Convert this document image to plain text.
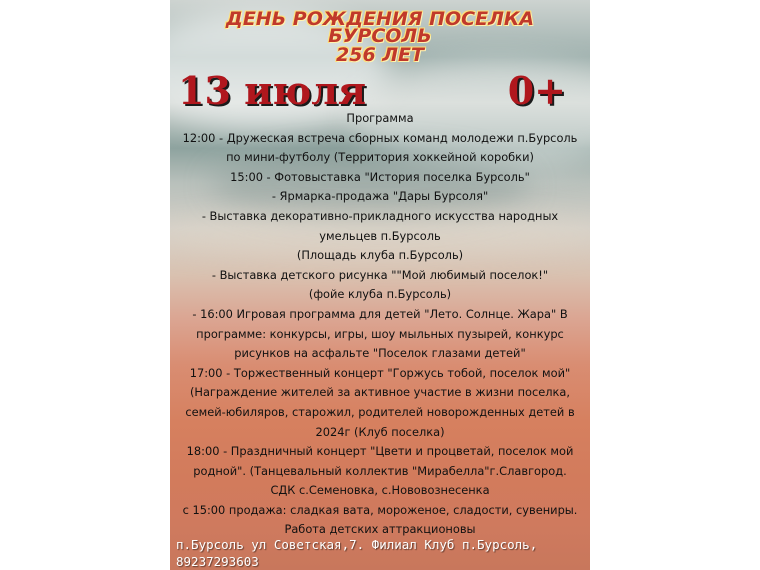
ДЕНЬ РОЖДЕНИЯ ПОСЕЛКА
БУРСОЛЬ
256 ЛЕТ
13 июля	0+
Программа
12:00 - Дружеская встреча сборных команд молодежи п.Бурсоль
по мини-футболу (Территория хоккейной коробки)
15:00 - Фотовыставка "История поселка Бурсоль"
- Ярмарка-продажа "Дары Бурсоля"
- Выставка декоративно-прикладного искусства народных
умельцев п.Бурсоль
(Площадь клуба п.Бурсоль)
- Выставка детского рисунка ""Мой любимый поселок!"
(фойе клуба п.Бурсоль)
- 16:00 Игровая программа для детей "Лето. Солнце. Жара" В
программе: конкурсы, игры, шоу мыльных пузырей, конкурс
рисунков на асфальте "Поселок глазами детей"
17:00 - Торжественный концерт "Горжусь тобой, поселок мой"
(Награждение жителей за активное участие в жизни поселка,
семей-юбиляров, старожил, родителей новорожденных детей в
2024г (Клуб поселка)
18:00 - Праздничный концерт "Цвети и процветай, поселок мой
родной". (Танцевальный коллектив "Мирабелла"г.Славгород.
СДК с.Семеновка, с.Нововознесенка
с 15:00 продажа: сладкая вата, мороженое, сладости, сувениры.
Работа детских аттракционовы
п.Бурсоль ул Советская,7. Филиал Клуб п.Бурсоль,
89237293603
